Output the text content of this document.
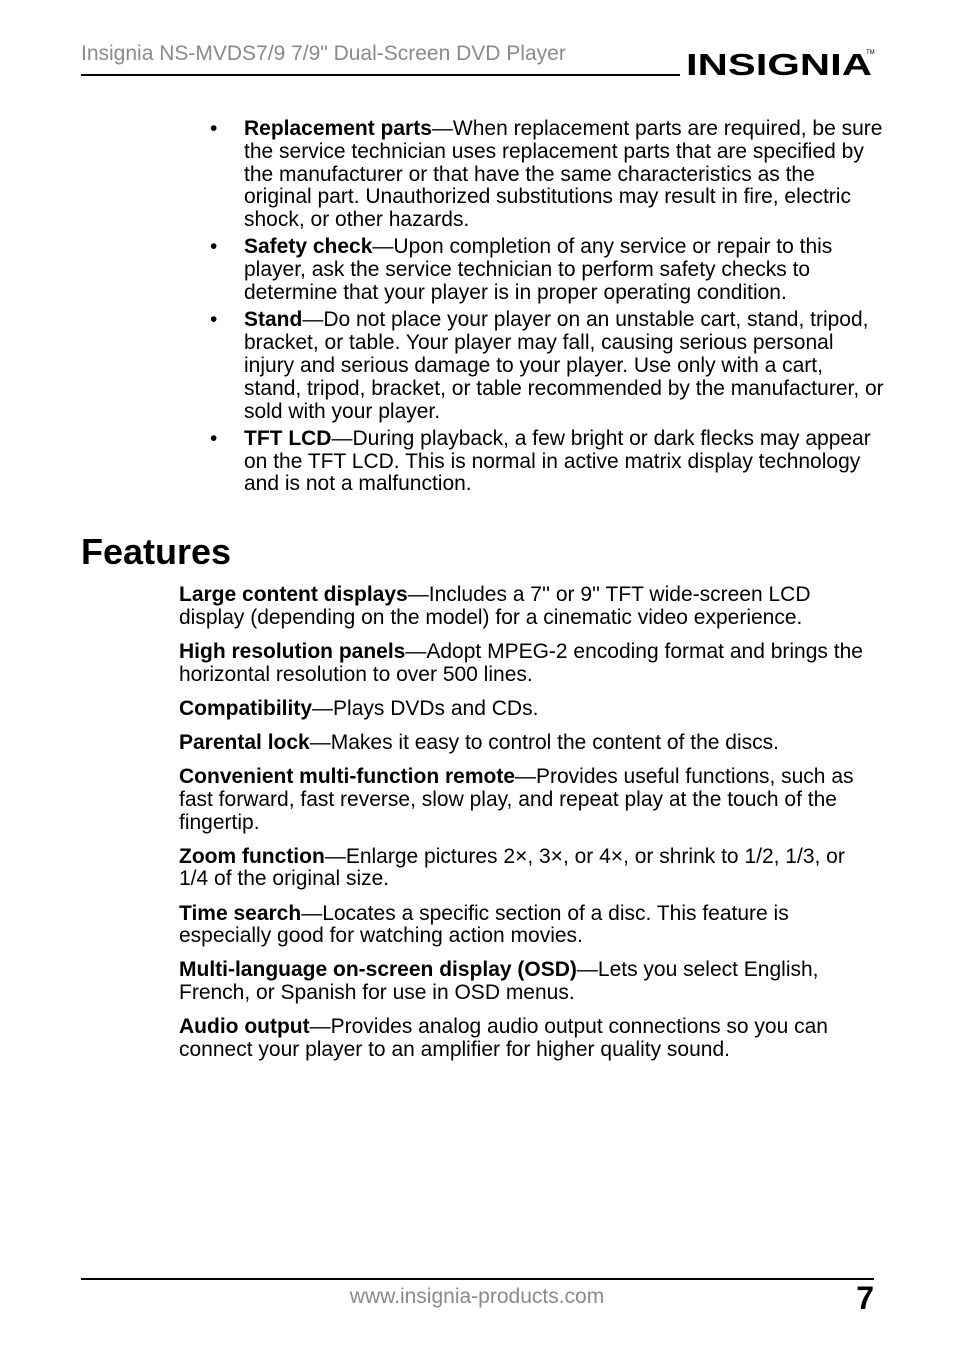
Insignia NS-MVDS7/9 7/9" Dual-Screen DVD Player	INSIGNIA
TM
•	Replacement parts—When replacement parts are required, be sure the service technician uses replacement parts that are specified by the manufacturer or that have the same characteristics as the original part. Unauthorized substitutions may result in fire, electric shock, or other hazards.
•	Safety check—Upon completion of any service or repair to this player, ask the service technician to perform safety checks to determine that your player is in proper operating condition.
•	Stand—Do not place your player on an unstable cart, stand, tripod, bracket, or table. Your player may fall, causing serious personal injury and serious damage to your player. Use only with a cart, stand, tripod, bracket, or table recommended by the manufacturer, or sold with your player.
•	TFT LCD—During playback, a few bright or dark flecks may appear on the TFT LCD. This is normal in active matrix display technology and is not a malfunction.
Features

Large content displays—Includes a 7'' or 9'' TFT wide-screen LCD display (depending on the model) for a cinematic video experience.

High resolution panels—Adopt MPEG-2 encoding format and brings the horizontal resolution to over 500 lines.

Compatibility—Plays DVDs and CDs.

Parental lock—Makes it easy to control the content of the discs.

Convenient multi-function remote—Provides useful functions, such as fast forward, fast reverse, slow play, and repeat play at the touch of the fingertip.

Zoom function—Enlarge pictures 2×, 3×, or 4×, or shrink to 1/2, 1/3, or 1/4 of the original size.

Time search—Locates a specific section of a disc. This feature is especially good for watching action movies.

Multi-language on-screen display (OSD)—Lets you select English, French, or Spanish for use in OSD menus.

Audio output—Provides analog audio output connections so you can connect your player to an amplifier for higher quality sound.

www.insignia-products.com	7
